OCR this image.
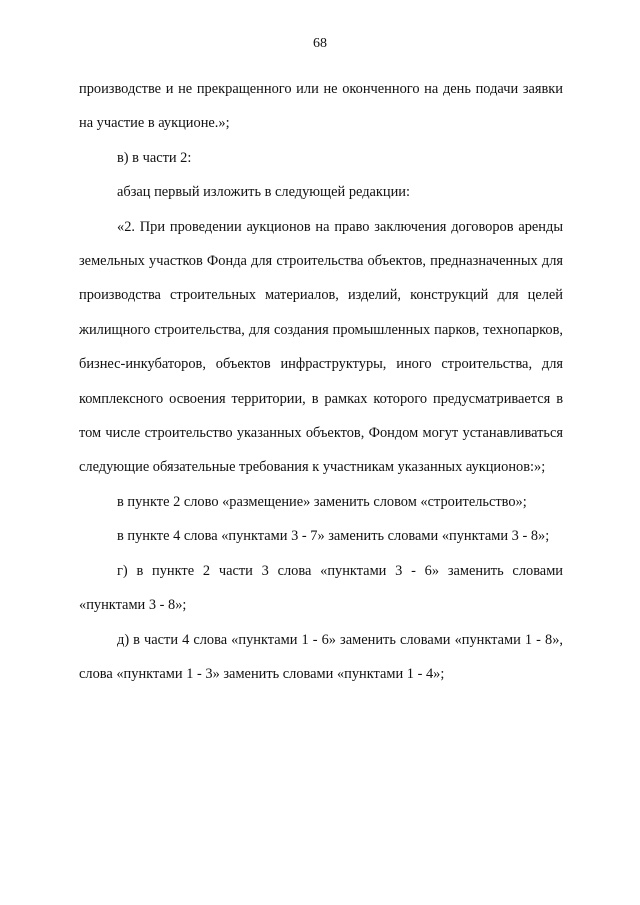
68

производстве и не прекращенного или не оконченного на день подачи заявки на участие в аукционе.»;

в) в части 2:

абзац первый изложить в следующей редакции:

«2. При проведении аукционов на право заключения договоров аренды земельных участков Фонда для строительства объектов, предназначенных для производства строительных материалов, изделий, конструкций для целей жилищного строительства, для создания промышленных парков, технопарков, бизнес-инкубаторов, объектов инфраструктуры, иного строительства, для комплексного освоения территории, в рамках которого предусматривается в том числе строительство указанных объектов, Фондом могут устанавливаться следующие обязательные требования к участникам указанных аукционов:»;

в пункте 2 слово «размещение» заменить словом «строительство»;

в пункте 4 слова «пунктами 3 - 7» заменить словами «пунктами 3 - 8»;

г) в пункте 2 части 3 слова «пунктами 3 - 6» заменить словами «пунктами 3 - 8»;

д) в части 4 слова «пунктами 1 - 6» заменить словами «пунктами 1 - 8», слова «пунктами 1 - 3» заменить словами «пунктами 1 - 4»;
